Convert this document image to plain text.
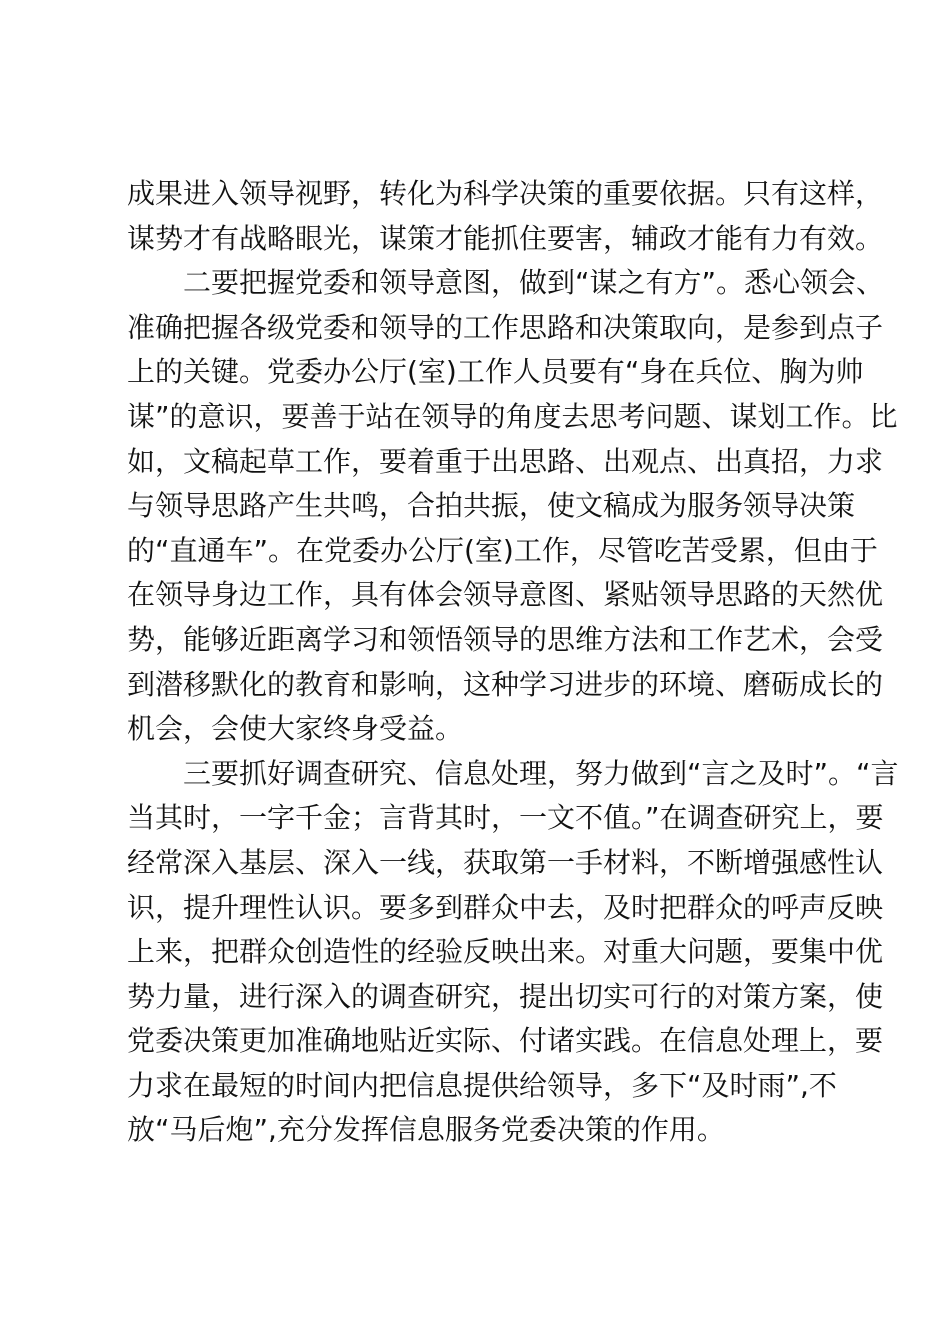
成果进入领导视野，转化为科学决策的重要依据。只有这样，
谋势才有战略眼光，谋策才能抓住要害，辅政才能有力有效。
二要把握党委和领导意图，做到“谋之有方”。悉心领会、
准确把握各级党委和领导的工作思路和决策取向，是参到点子
上的关键。党委办公厅(室)工作人员要有“身在兵位、胸为帅
谋”的意识，要善于站在领导的角度去思考问题、谋划工作。比
如，文稿起草工作，要着重于出思路、出观点、出真招，力求
与领导思路产生共鸣，合拍共振，使文稿成为服务领导决策
的“直通车”。在党委办公厅(室)工作，尽管吃苦受累，但由于
在领导身边工作，具有体会领导意图、紧贴领导思路的天然优
势，能够近距离学习和领悟领导的思维方法和工作艺术，会受
到潜移默化的教育和影响，这种学习进步的环境、磨砺成长的
机会，会使大家终身受益。
三要抓好调查研究、信息处理，努力做到“言之及时”。“言
当其时，一字千金；言背其时，一文不值。”在调查研究上，要
经常深入基层、深入一线，获取第一手材料，不断增强感性认
识，提升理性认识。要多到群众中去，及时把群众的呼声反映
上来，把群众创造性的经验反映出来。对重大问题，要集中优
势力量，进行深入的调查研究，提出切实可行的对策方案，使
党委决策更加准确地贴近实际、付诸实践。在信息处理上，要
力求在最短的时间内把信息提供给领导，多下“及时雨”,不
放“马后炮”,充分发挥信息服务党委决策的作用。
